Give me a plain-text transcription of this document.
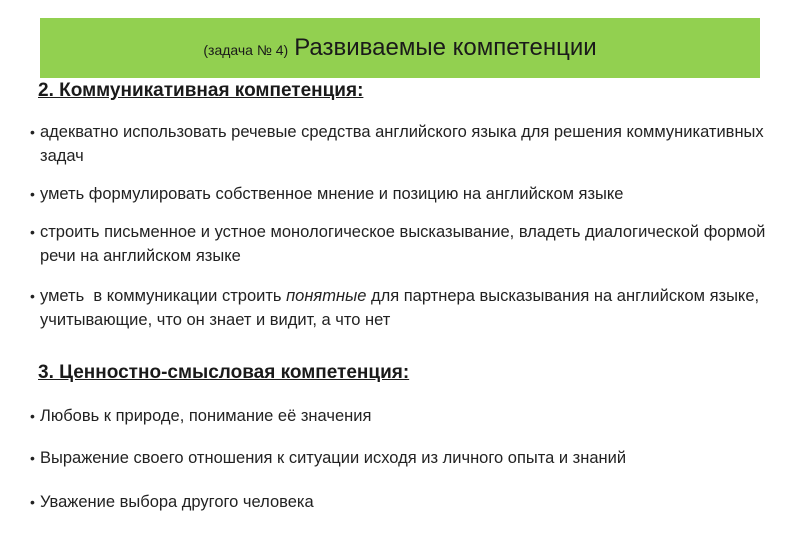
(задача № 4) Развиваемые компетенции
2. Коммуникативная компетенция:
• адекватно использовать речевые средства английского языка для решения коммуникативных задач
• уметь формулировать собственное мнение и позицию на английском языке
• строить письменное и устное монологическое высказывание, владеть диалогической формой речи на английском языке
• уметь  в коммуникации строить понятные для партнера высказывания на английском языке, учитывающие, что он знает и видит, а что нет
3. Ценностно-смысловая компетенция:
• Любовь к природе, понимание её значения
• Выражение своего отношения к ситуации исходя из личного опыта и знаний
• Уважение выбора другого человека
